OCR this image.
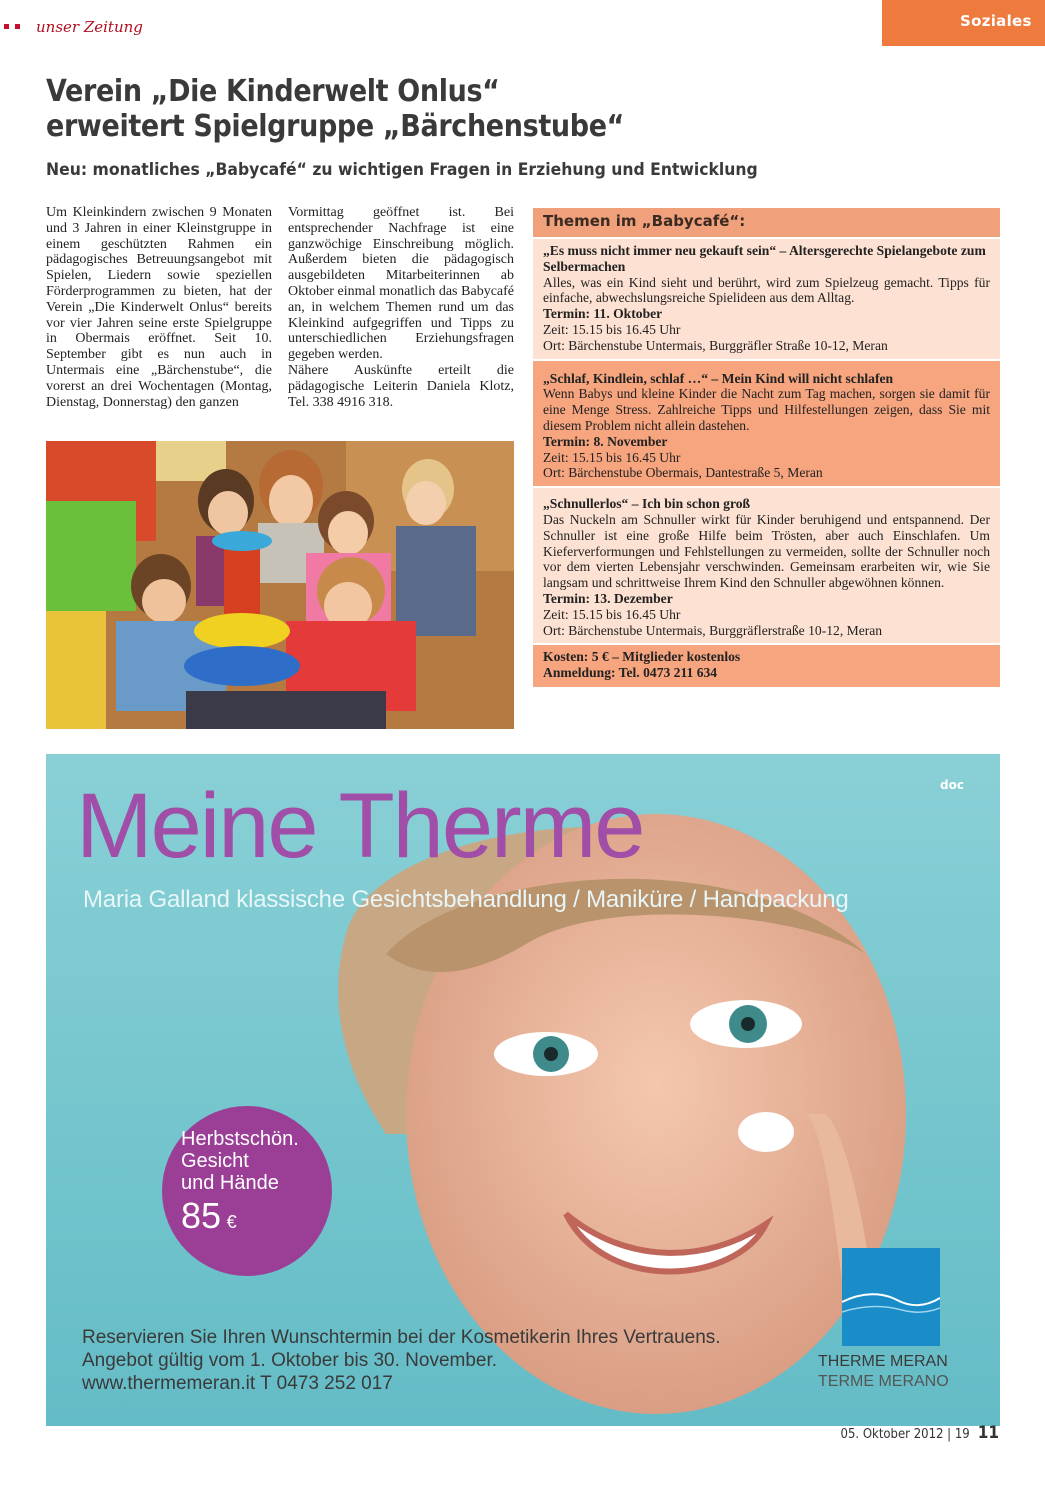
unser Zeitung	Soziales
Verein „Die Kinderwelt Onlus“
erweitert Spielgruppe „Bärchenstube“
Neu: monatliches „Babycafé“ zu wichtigen Fragen in Erziehung und Entwicklung

Um Kleinkindern zwischen 9 Monaten und 3 Jahren in einer Kleinstgruppe in einem geschützten Rahmen ein pädagogisches Betreuungsangebot mit Spielen, Liedern sowie speziellen Förderprogrammen zu bieten, hat der Verein „Die Kinderwelt Onlus“ bereits vor vier Jahren seine erste Spielgruppe in Obermais eröffnet. Seit 10. September gibt es nun auch in Untermais eine „Bärchenstube“, die vorerst an drei Wochentagen (Montag, Dienstag, Donnerstag) den ganzen

Vormittag geöffnet ist. Bei entsprechender Nachfrage ist eine ganzwöchige Einschreibung möglich. Außerdem bieten die pädagogisch ausgebildeten Mitarbeiterinnen ab Oktober einmal monatlich das Babycafé an, in welchem Themen rund um das Kleinkind aufgegriffen und Tipps zu unterschiedlichen Erziehungsfragen gegeben werden.

Nähere Auskünfte erteilt die pädagogische Leiterin Daniela Klotz, Tel. 338 4916 318.

Themen im „Babycafé“:
„Es muss nicht immer neu gekauft sein“ – Altersgerechte Spielangebote zum Selbermachen
Alles, was ein Kind sieht und berührt, wird zum Spielzeug gemacht. Tipps für einfache, abwechslungsreiche Spielideen aus dem Alltag.
Termin: 11. Oktober
Zeit: 15.15 bis 16.45 Uhr
Ort: Bärchenstube Untermais, Burggräfler Straße 10-12, Meran
„Schlaf, Kindlein, schlaf …“ – Mein Kind will nicht schlafen
Wenn Babys und kleine Kinder die Nacht zum Tag machen, sorgen sie damit für eine Menge Stress. Zahlreiche Tipps und Hilfestellungen zeigen, dass Sie mit diesem Problem nicht allein dastehen.
Termin: 8. November
Zeit: 15.15 bis 16.45 Uhr
Ort: Bärchenstube Obermais, Dantestraße 5, Meran
„Schnullerlos“ – Ich bin schon groß
Das Nuckeln am Schnuller wirkt für Kinder beruhigend und entspannend. Der Schnuller ist eine große Hilfe beim Trösten, aber auch Einschlafen. Um Kieferverformungen und Fehlstellungen zu vermeiden, sollte der Schnuller noch vor dem vierten Lebensjahr verschwinden. Gemeinsam erarbeiten wir, wie Sie langsam und schrittweise Ihrem Kind den Schnuller abgewöhnen können.
Termin: 13. Dezember
Zeit: 15.15 bis 16.45 Uhr
Ort: Bärchenstube Untermais, Burggräflerstraße 10-12, Meran
Kosten: 5 € – Mitglieder kostenlos
Anmeldung: Tel. 0473 211 634
Meine Therme
Maria Galland klassische Gesichtsbehandlung / Maniküre / Handpackung
doc
Herbstschön.
Gesicht
und Hände
85 €
Reservieren Sie Ihren Wunschtermin bei der Kosmetikerin Ihres Vertrauens.
Angebot gültig vom 1. Oktober bis 30. November.
www.thermemeran.it T 0473 252 017
THERME MERAN
TERME MERANO
05. Oktober 2012 | 19 11
